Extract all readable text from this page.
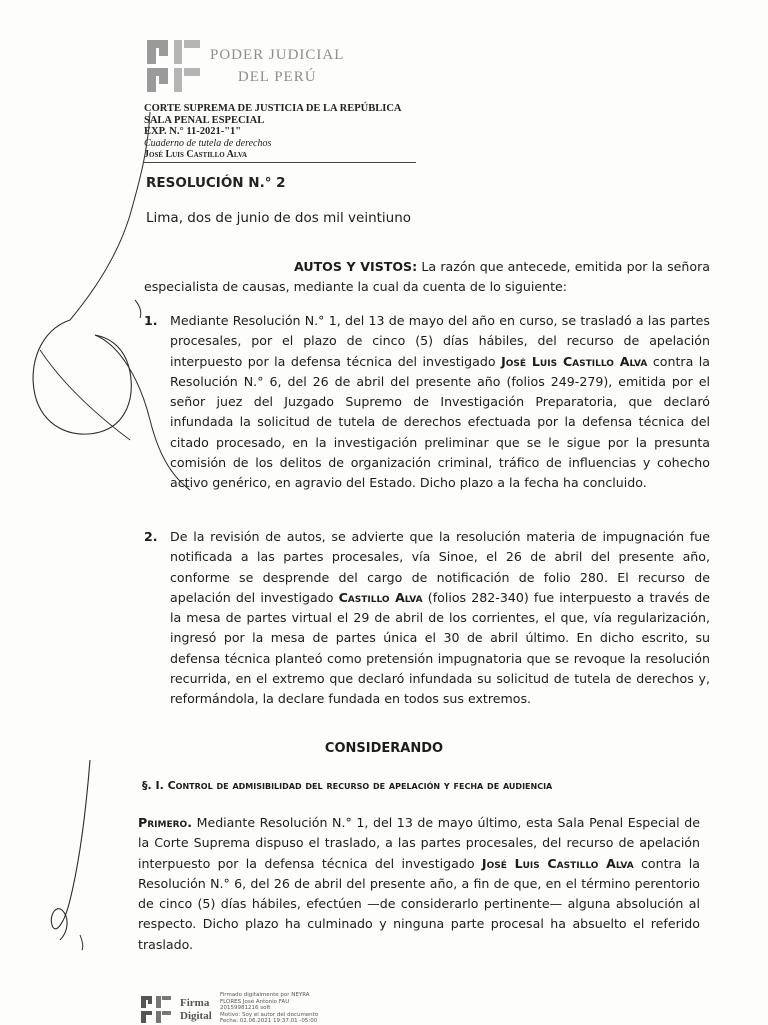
PODER JUDICIAL
DEL PERÚ
CORTE SUPREMA DE JUSTICIA DE LA REPÚBLICA
SALA PENAL ESPECIAL
EXP. N.° 11-2021-"1"
Cuaderno de tutela de derechos
José Luis Castillo Alva
RESOLUCIÓN N.° 2
Lima, dos de junio de dos mil veintiuno
AUTOS Y VISTOS: La razón que antecede, emitida por la señora especialista de causas, mediante la cual da cuenta de lo siguiente:
1. Mediante Resolución N.° 1, del 13 de mayo del año en curso, se trasladó a las partes procesales, por el plazo de cinco (5) días hábiles, del recurso de apelación interpuesto por la defensa técnica del investigado José Luis Castillo Alva contra la Resolución N.° 6, del 26 de abril del presente año (folios 249-279), emitida por el señor juez del Juzgado Supremo de Investigación Preparatoria, que declaró infundada la solicitud de tutela de derechos efectuada por la defensa técnica del citado procesado, en la investigación preliminar que se le sigue por la presunta comisión de los delitos de organización criminal, tráfico de influencias y cohecho activo genérico, en agravio del Estado. Dicho plazo a la fecha ha concluido.
2. De la revisión de autos, se advierte que la resolución materia de impugnación fue notificada a las partes procesales, vía Sinoe, el 26 de abril del presente año, conforme se desprende del cargo de notificación de folio 280. El recurso de apelación del investigado Castillo Alva (folios 282-340) fue interpuesto a través de la mesa de partes virtual el 29 de abril de los corrientes, el que, vía regularización, ingresó por la mesa de partes única el 30 de abril último. En dicho escrito, su defensa técnica planteó como pretensión impugnatoria que se revoque la resolución recurrida, en el extremo que declaró infundada su solicitud de tutela de derechos y, reformándola, la declare fundada en todos sus extremos.
CONSIDERANDO
§. I. Control de admisibilidad del recurso de apelación y fecha de audiencia
Primero. Mediante Resolución N.° 1, del 13 de mayo último, esta Sala Penal Especial de la Corte Suprema dispuso el traslado, a las partes procesales, del recurso de apelación interpuesto por la defensa técnica del investigado José Luis Castillo Alva contra la Resolución N.° 6, del 26 de abril del presente año, a fin de que, en el término perentorio de cinco (5) días hábiles, efectúen —de considerarlo pertinente— alguna absolución al respecto. Dicho plazo ha culminado y ninguna parte procesal ha absuelto el referido traslado.
Firma
Digital
Firmado digitalmente por NEYRA
FLORES José Antonio FAU
20159981216 soft
Motivo: Soy el autor del documento
Fecha: 02.06.2021 19:37:01 -05:00
